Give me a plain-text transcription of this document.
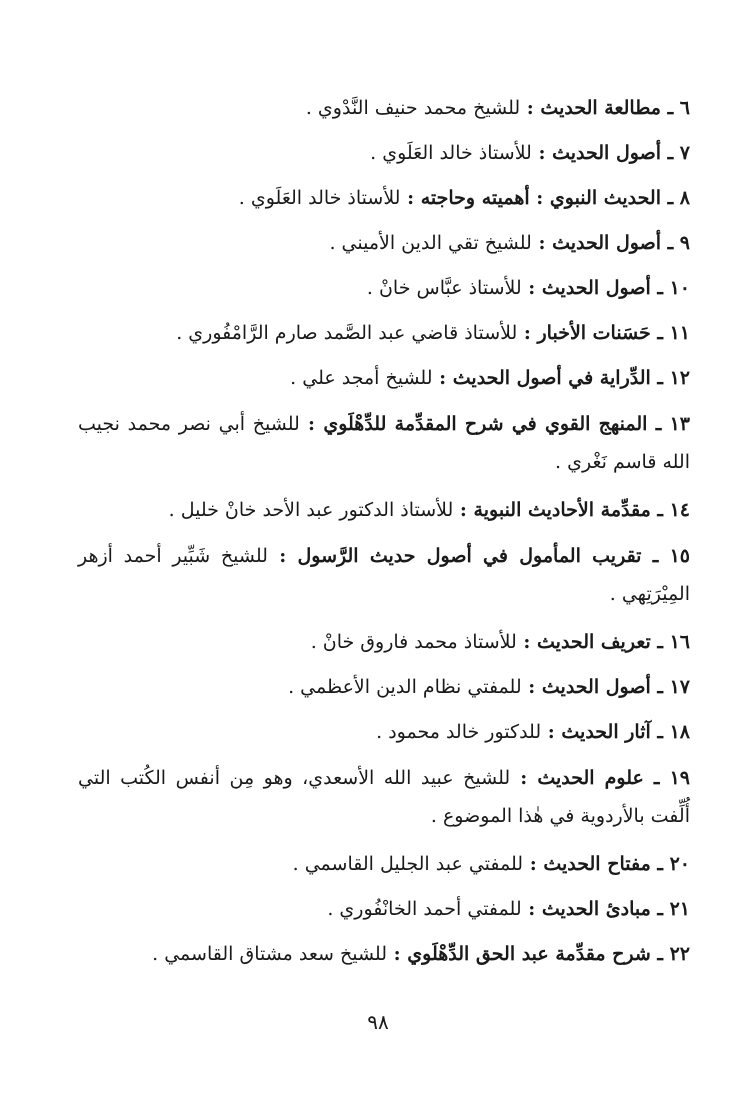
٦ ـ مطالعة الحديث : للشيخ محمد حنيف النَّدْوي .

٧ ـ أصول الحديث : للأستاذ خالد العَلَوي .

٨ ـ الحديث النبوي : أهميته وحاجته : للأستاذ خالد العَلَوي .

٩ ـ أصول الحديث : للشيخ تقي الدين الأميني .

١٠ ـ أصول الحديث : للأستاذ عبَّاس خانْ .

١١ ـ حَسَنات الأخبار : للأستاذ قاضي عبد الصَّمد صارم الرَّامْفُوري .

١٢ ـ الدِّراية في أصول الحديث : للشيخ أمجد علي .

١٣ ـ المنهج القوي في شرح المقدِّمة للدِّهْلَوي : للشيخ أبي نصر محمد نجيب الله قاسم نَغْري .

١٤ ـ مقدِّمة الأحاديث النبوية : للأستاذ الدكتور عبد الأحد خانْ خليل .

١٥ ـ تقريب المأمول في أصول حديث الرَّسول : للشيخ شَبِّير أحمد أزهر المِيْرَتِهي .

١٦ ـ تعريف الحديث : للأستاذ محمد فاروق خانْ .

١٧ ـ أصول الحديث : للمفتي نظام الدين الأعظمي .

١٨ ـ آثار الحديث : للدكتور خالد محمود .

١٩ ـ علوم الحديث : للشيخ عبيد الله الأسعدي، وهو مِن أنفس الكُتب التي أُلِّفت بالأردوية في هٰذا الموضوع .

٢٠ ـ مفتاح الحديث : للمفتي عبد الجليل القاسمي .

٢١ ـ مبادئ الحديث : للمفتي أحمد الخانْفُوري .

٢٢ ـ شرح مقدِّمة عبد الحق الدِّهْلَوي : للشيخ سعد مشتاق القاسمي .

٩٨
